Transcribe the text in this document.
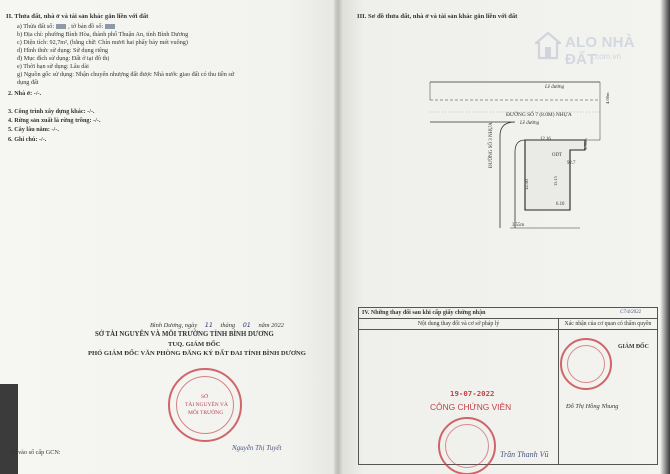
II. Thửa đất, nhà ở và tài sản khác gắn liền với đất
a) Thửa đất số: , tờ bản đồ số:
b) Địa chỉ: phường Bình Hòa, thành phố Thuận An, tỉnh Bình Dương
c) Diện tích: 92,7m², (bằng chữ: Chín mươi hai phẩy bảy mét vuông)
d) Hình thức sử dụng: Sử dụng riêng
đ) Mục đích sử dụng: Đất ở tại đô thị
e) Thời hạn sử dụng: Lâu dài
g) Nguồn gốc sử dụng: Nhận chuyển nhượng đất được Nhà nước giao đất có thu tiền sử
dụng đất
2. Nhà ở: -/-.
3. Công trình xây dựng khác: -/-.
4. Rừng sản xuất là rừng trồng: -/-.
5. Cây lâu năm: -/-.
6. Ghi chú: -/-.
Bình Dương, ngày 11 tháng 01 năm 2022
SỞ TÀI NGUYÊN VÀ MÔI TRƯỜNG TỈNH BÌNH DƯƠNG
TUQ. GIÁM ĐỐC
PHÓ GIÁM ĐỐC VĂN PHÒNG ĐĂNG KÝ ĐẤT ĐAI TỈNH BÌNH DƯƠNG
SỞ
TÀI NGUYÊN VÀ
MÔI TRƯỜNG
Nguyễn Thị Tuyết
Số vào sổ cấp GCN:
III. Sơ đồ thửa đất, nhà ở và tài sản khác gắn liền với đất
ALO NHÀ ĐẤT
.com.vn
Lề đường
Lề đường
ĐƯỜNG SỐ 7 (8.0M) NHỰA
ĐƯỜNG SỐ 3 NHỰA
4.00m
12.16	3.50m
12.50
6.10
3.55m
15.15
ODT
92.7
IV. Những thay đổi sau khi cấp giấy chứng nhận	
Nội dung thay đổi và cơ sở pháp lý	Xác nhận của cơ quan có thẩm quyền

C7/4/2022
GIÁM ĐỐC
19-07-2022
CÔNG CHỨNG VIÊN	Đỗ Thị Hồng Nhung
Trần Thanh Vũ
